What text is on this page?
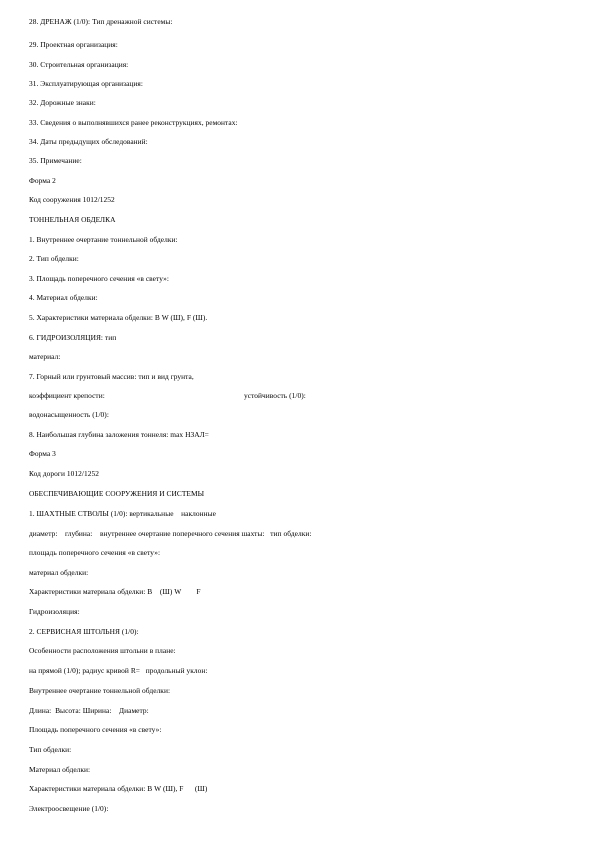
28. ДРЕНАЖ (1/0): Тип дренажной системы:
29. Проектная организация:
30. Строительная организация:
31. Эксплуатирующая организация:
32. Дорожные знаки:
33. Сведения о выполнявшихся ранее реконструкциях, ремонтах:
34. Даты предыдущих обследований:
35. Примечание:
Форма 2
Код сооружения 1012/1252
ТОННЕЛЬНАЯ ОБДЕЛКА
1. Внутреннее очертание тоннельной обделки:
2. Тип обделки:
3. Площадь поперечного сечения «в свету»:
4. Материал обделки:
5. Характеристики материала обделки: В W (Ш), F (Ш).
6. ГИДРОИЗОЛЯЦИЯ: тип
материал:
7. Горный или грунтовый массив: тип и вид грунта,

коэффициент крепости:

	устойчивость (1/0):

водонасыщенность (1/0):
8. Наибольшая глубина заложения тоннеля: max НЗАЛ=
Форма 3
Код дороги 1012/1252
ОБЕСПЕЧИВАЮЩИЕ СООРУЖЕНИЯ И СИСТЕМЫ
1. ШАХТНЫЕ СТВОЛЫ (1/0): вертикальные    наклонные
диаметр:    глубина:    внутреннее очертание поперечного сечения шахты:   тип обделки:
площадь поперечного сечения «в свету»:
материал обделки:
Характеристики материала обделки: В    (Ш) W        F
Гидроизоляция:
2. СЕРВИСНАЯ ШТОЛЬНЯ (1/0):
Особенности расположения штольни в плане:
на прямой (1/0); радиус кривой R=   продольный уклон:
Внутреннее очертание тоннельной обделки:
Длина:  Высота: Ширина:    Диаметр:
Площадь поперечного сечения «в свету»:
Тип обделки:
Материал обделки:
Характеристики материала обделки: В W (Ш), F      (Ш)
Электроосвещение (1/0):
